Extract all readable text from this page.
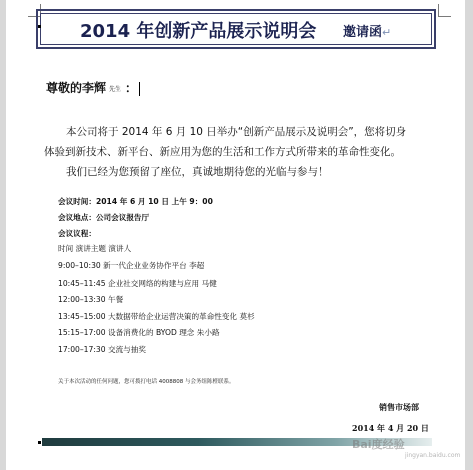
2014 年创新产品展示说明会 邀请函↵
尊敬的李辉 先生 ：
本公司将于 2014 年 6 月 10 日举办“创新产品展示及说明会”，您将切身
体验到新技术、新平台、新应用为您的生活和工作方式所带来的革命性变化。
我们已经为您预留了座位，真诚地期待您的光临与参与！
会议时间：2014 年 6 月 10 日 上午 9：00
会议地点：公司会议报告厅
会议议程：
时间 演讲主题 演讲人
9:00–10:30 新一代企业业务协作平台 李超
10:45–11:45 企业社交网络的构建与应用 马健
12:00–13:30 午餐
13:45–15:00 大数据带给企业运营决策的革命性变化 莫杉
15:15–17:00 设备消费化的 BYOD 理念 朱小路
17:00–17:30 交流与抽奖
关于本次活动的任何问题，您可拨打电话 4008808 与会务组陈橙联系。
销售市场部
2014 年 4 月 20 日
Bai度经验
jingyan.baidu.com
